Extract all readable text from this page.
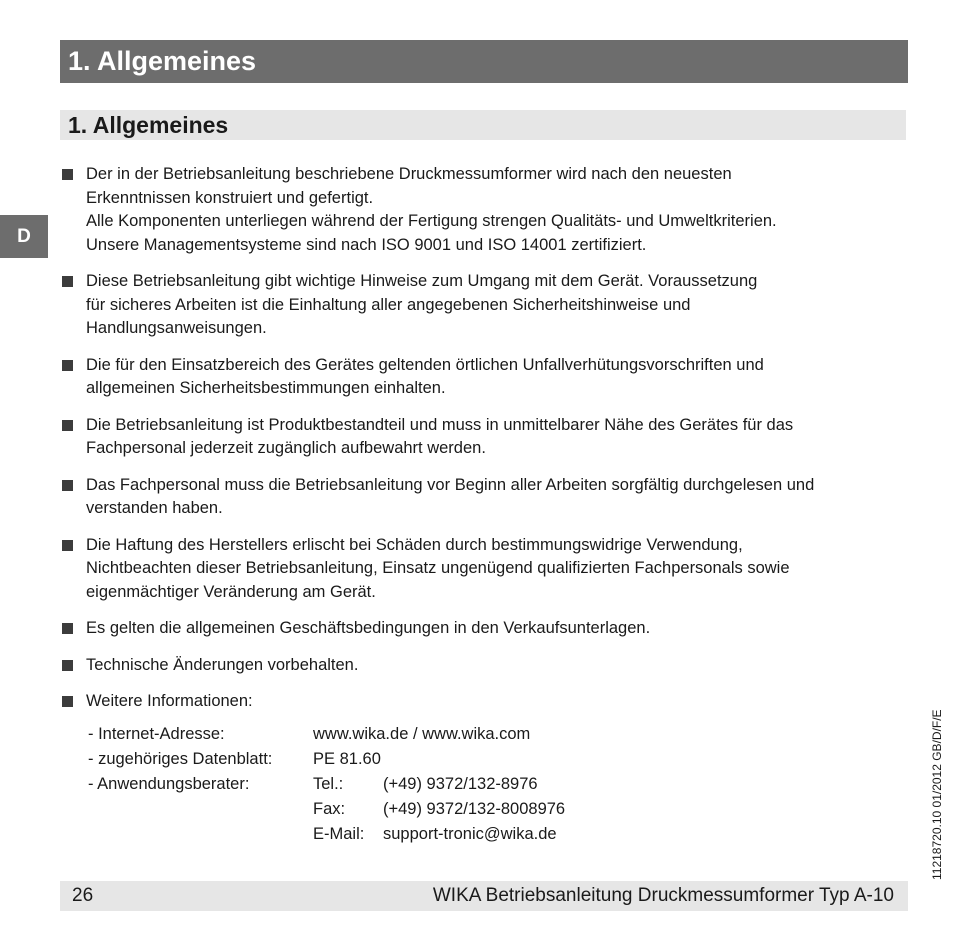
1. Allgemeines
1. Allgemeines
D
Der in der Betriebsanleitung beschriebene Druckmessumformer wird nach den neuesten
Erkenntnissen konstruiert und gefertigt.
Alle Komponenten unterliegen während der Fertigung strengen Qualitäts- und Umweltkriterien.
Unsere Managementsysteme sind nach ISO 9001 und ISO 14001 zertifiziert.
Diese Betriebsanleitung gibt wichtige Hinweise zum Umgang mit dem Gerät. Voraussetzung
für sicheres Arbeiten ist die Einhaltung aller angegebenen Sicherheitshinweise und
Handlungsanweisungen.
Die für den Einsatzbereich des Gerätes geltenden örtlichen Unfallverhütungsvorschriften und
allgemeinen Sicherheitsbestimmungen einhalten.
Die Betriebsanleitung ist Produktbestandteil und muss in unmittelbarer Nähe des Gerätes für das
Fachpersonal jederzeit zugänglich aufbewahrt werden.
Das Fachpersonal muss die Betriebsanleitung vor Beginn aller Arbeiten sorgfältig durchgelesen und
verstanden haben.
Die Haftung des Herstellers erlischt bei Schäden durch bestimmungswidrige Verwendung,
Nichtbeachten dieser Betriebsanleitung, Einsatz ungenügend qualifizierten Fachpersonals sowie
eigenmächtiger Veränderung am Gerät.
Es gelten die allgemeinen Geschäftsbedingungen in den Verkaufsunterlagen.
Technische Änderungen vorbehalten.
Weitere Informationen:
- Internet-Adresse:	www.wika.de / www.wika.com	
- zugehöriges Datenblatt:	PE 81.60	
- Anwendungsberater:	Tel.:	(+49) 9372/132-8976
	Fax:	(+49) 9372/132-8008976
	E-Mail:	support-tronic@wika.de
26	WIKA Betriebsanleitung Druckmessumformer Typ A-10
11218720.10 01/2012 GB/D/F/E
